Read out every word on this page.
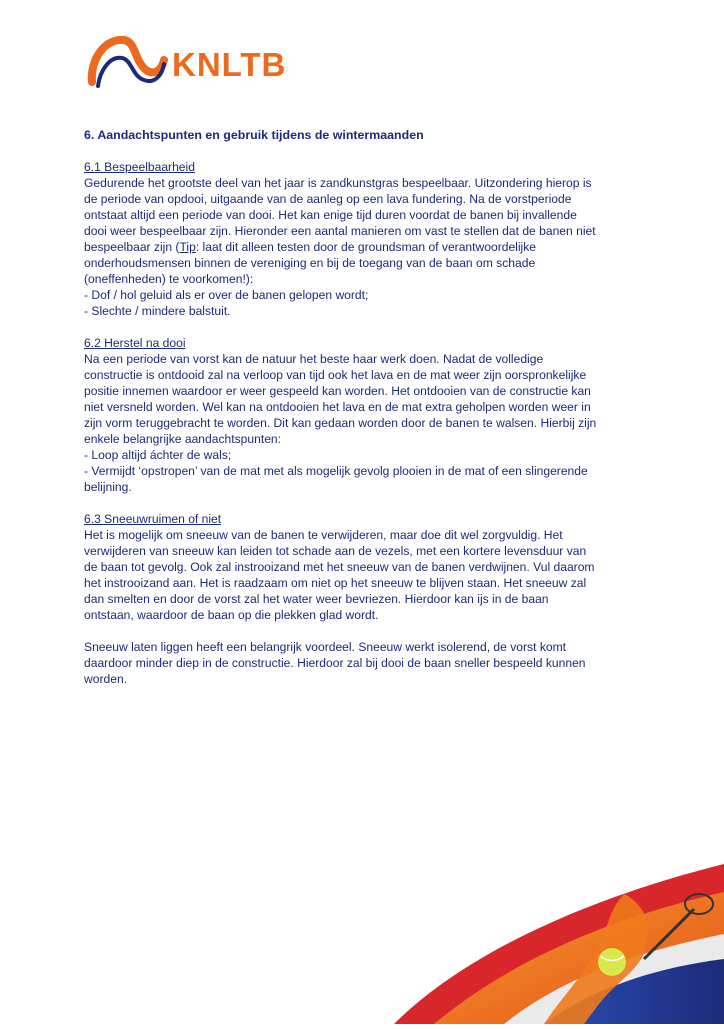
KNLTB
6. Aandachtspunten en gebruik tijdens de wintermaanden
6.1 Bespeelbaarheid
Gedurende het grootste deel van het jaar is zandkunstgras bespeelbaar. Uitzondering hierop is
de periode van opdooi, uitgaande van de aanleg op een lava fundering. Na de vorstperiode
ontstaat altijd een periode van dooi. Het kan enige tijd duren voordat de banen bij invallende
dooi weer bespeelbaar zijn. Hieronder een aantal manieren om vast te stellen dat de banen niet
bespeelbaar zijn (Tip: laat dit alleen testen door de groundsman of verantwoordelijke
onderhoudsmensen binnen de vereniging en bij de toegang van de baan om schade
(oneffenheden) te voorkomen!):
- Dof / hol geluid als er over de banen gelopen wordt;
- Slechte / mindere balstuit.
6.2 Herstel na dooi
Na een periode van vorst kan de natuur het beste haar werk doen. Nadat de volledige
constructie is ontdooid zal na verloop van tijd ook het lava en de mat weer zijn oorspronkelijke
positie innemen waardoor er weer gespeeld kan worden. Het ontdooien van de constructie kan
niet versneld worden. Wel kan na ontdooien het lava en de mat extra geholpen worden weer in
zijn vorm teruggebracht te worden. Dit kan gedaan worden door de banen te walsen. Hierbij zijn
enkele belangrijke aandachtspunten:
- Loop altijd áchter de wals;
- Vermijdt ‘opstropen’ van de mat met als mogelijk gevolg plooien in de mat of een slingerende
belijning.
6.3 Sneeuwruimen of niet
Het is mogelijk om sneeuw van de banen te verwijderen, maar doe dit wel zorgvuldig. Het
verwijderen van sneeuw kan leiden tot schade aan de vezels, met een kortere levensduur van
de baan tot gevolg. Ook zal instrooizand met het sneeuw van de banen verdwijnen. Vul daarom
het instrooizand aan. Het is raadzaam om niet op het sneeuw te blijven staan. Het sneeuw zal
dan smelten en door de vorst zal het water weer bevriezen. Hierdoor kan ijs in de baan
ontstaan, waardoor de baan op die plekken glad wordt.
Sneeuw laten liggen heeft een belangrijk voordeel. Sneeuw werkt isolerend, de vorst komt
daardoor minder diep in de constructie. Hierdoor zal bij dooi de baan sneller bespeeld kunnen
worden.
